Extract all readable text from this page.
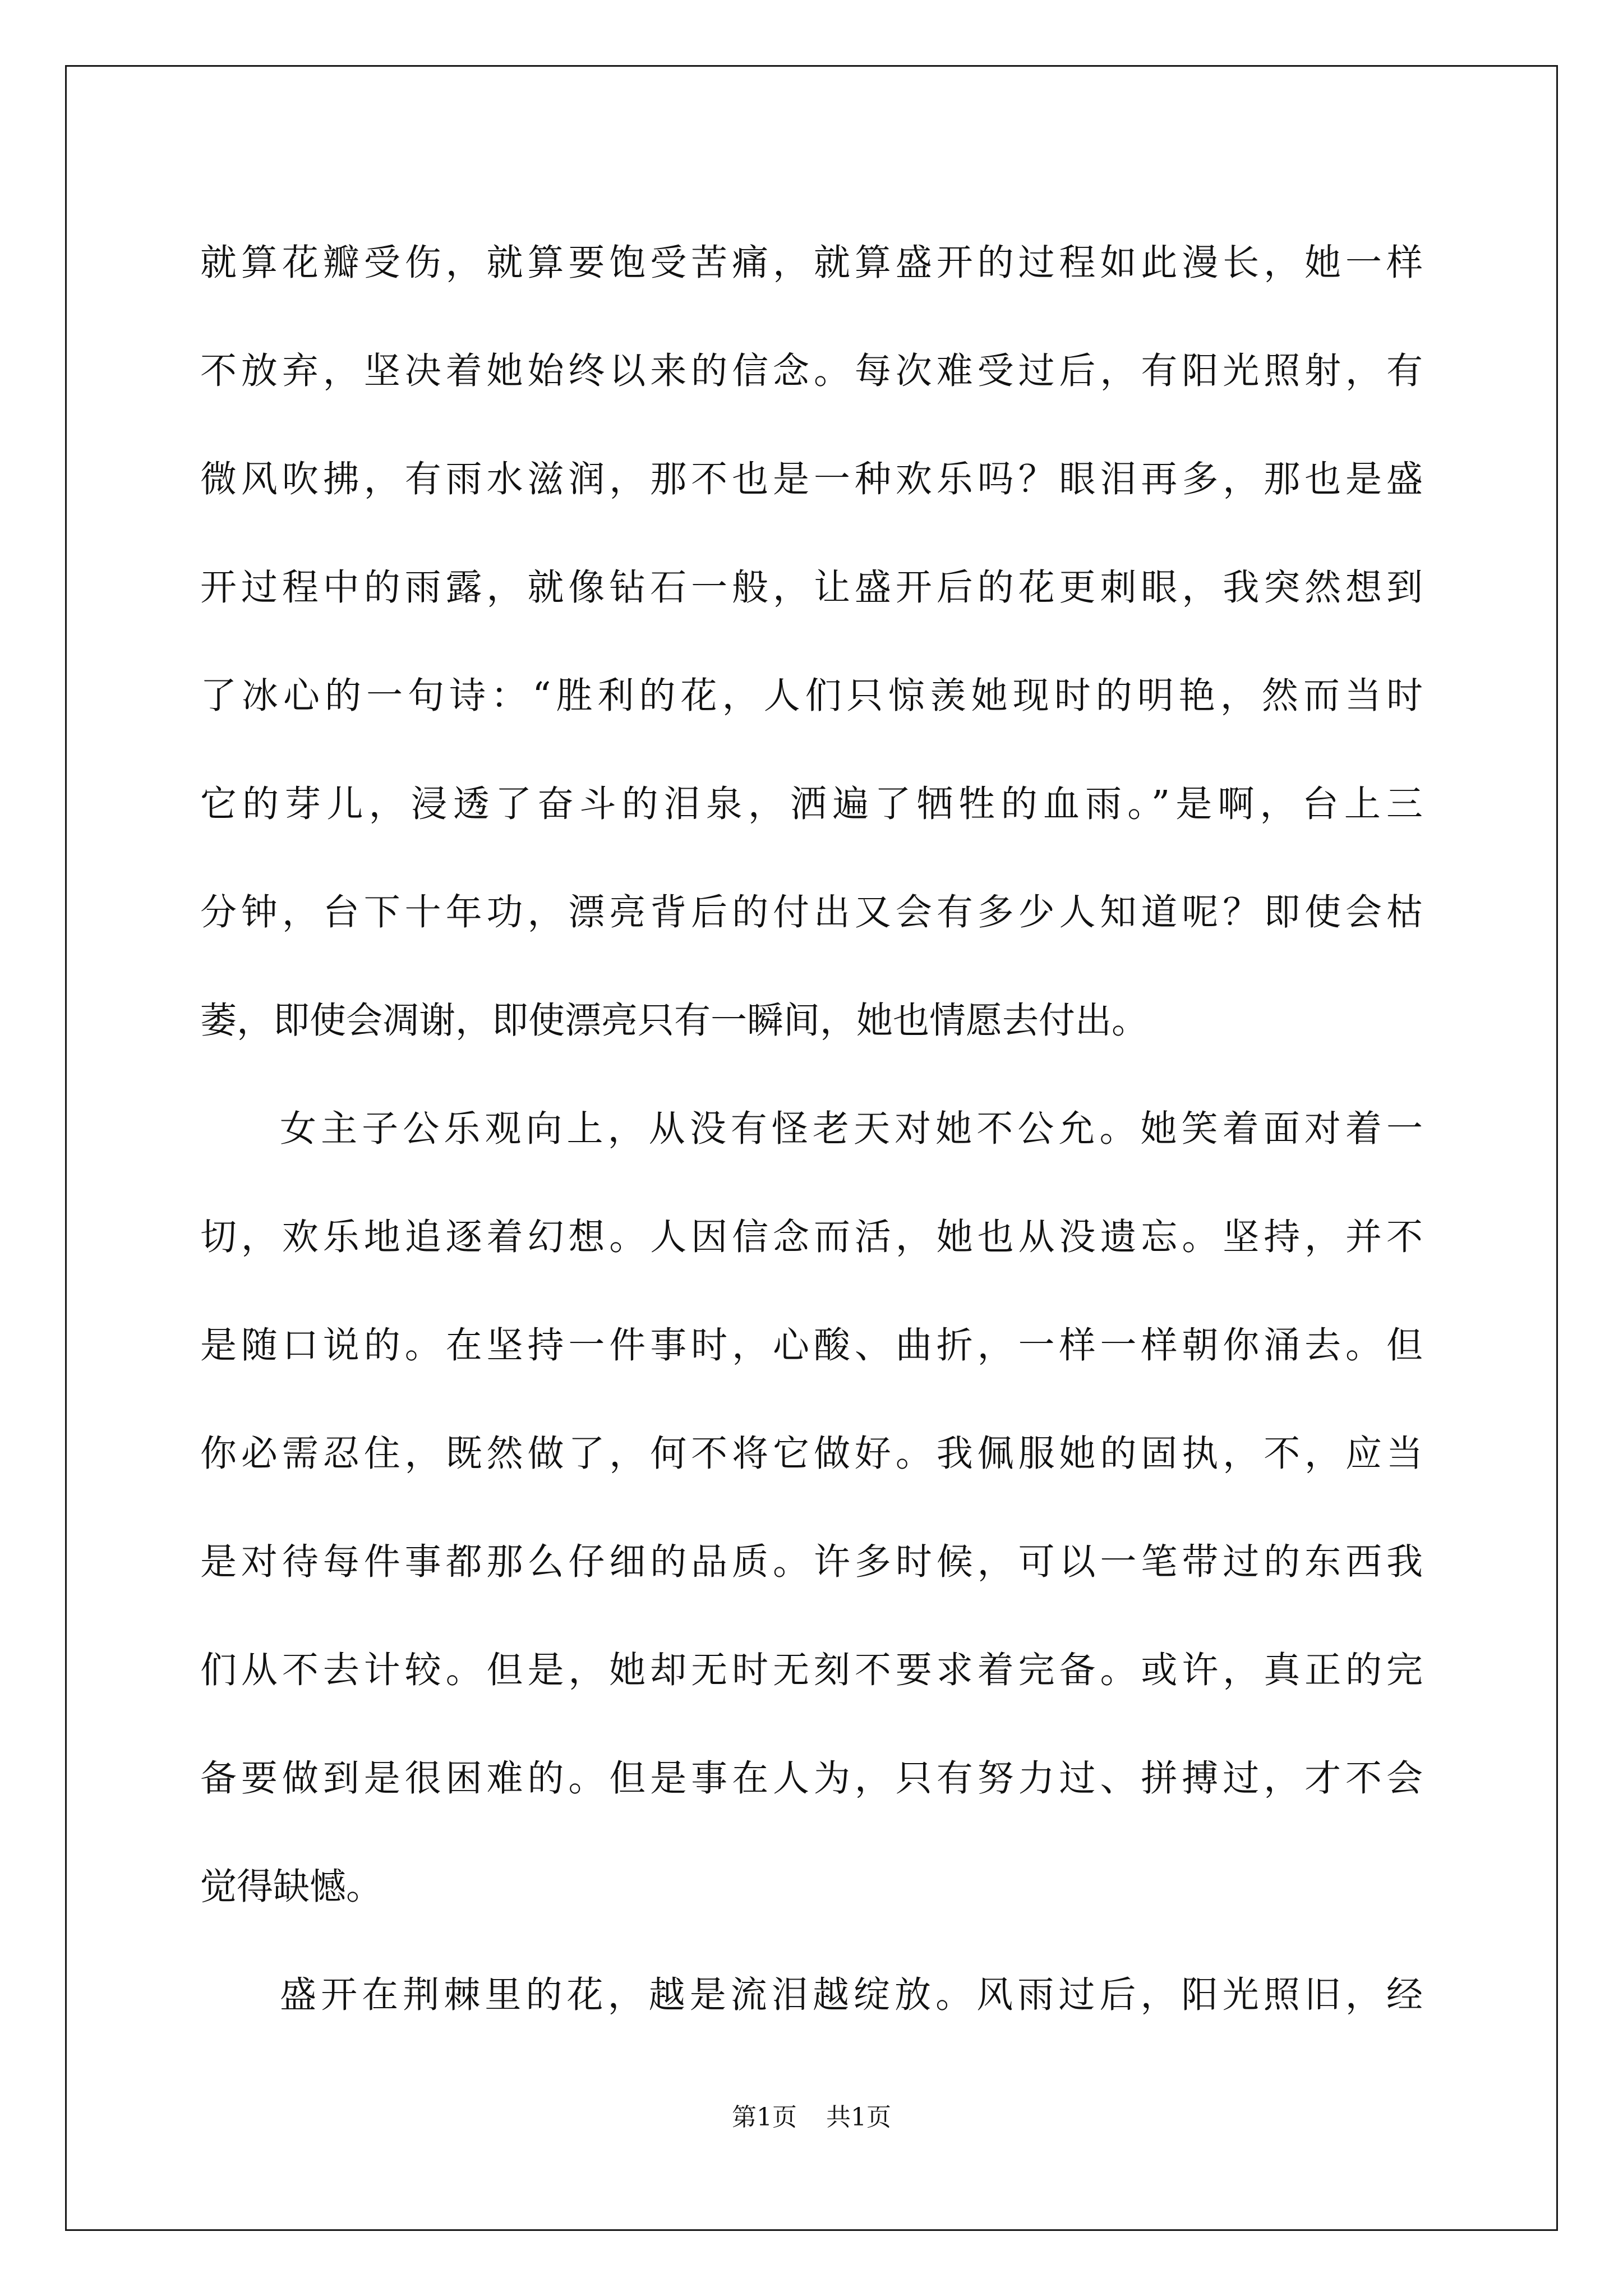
就算花瓣受伤，就算要饱受苦痛，就算盛开的过程如此漫长，她一样
不放弃，坚决着她始终以来的信念。每次难受过后，有阳光照射，有
微风吹拂，有雨水滋润，那不也是一种欢乐吗？眼泪再多，那也是盛
开过程中的雨露，就像钻石一般，让盛开后的花更刺眼，我突然想到
了冰心的一句诗：“胜利的花，人们只惊羡她现时的明艳，然而当时
它的芽儿，浸透了奋斗的泪泉，洒遍了牺牲的血雨。”是啊，台上三
分钟，台下十年功，漂亮背后的付出又会有多少人知道呢？即使会枯
萎，即使会凋谢，即使漂亮只有一瞬间，她也情愿去付出。
女主子公乐观向上，从没有怪老天对她不公允。她笑着面对着一
切，欢乐地追逐着幻想。人因信念而活，她也从没遗忘。坚持，并不
是随口说的。在坚持一件事时，心酸、曲折，一样一样朝你涌去。但
你必需忍住，既然做了，何不将它做好。我佩服她的固执，不，应当
是对待每件事都那么仔细的品质。许多时候，可以一笔带过的东西我
们从不去计较。但是，她却无时无刻不要求着完备。或许，真正的完
备要做到是很困难的。但是事在人为，只有努力过、拼搏过，才不会
觉得缺憾。
盛开在荆棘里的花，越是流泪越绽放。风雨过后，阳光照旧，经
第1页 共1页
